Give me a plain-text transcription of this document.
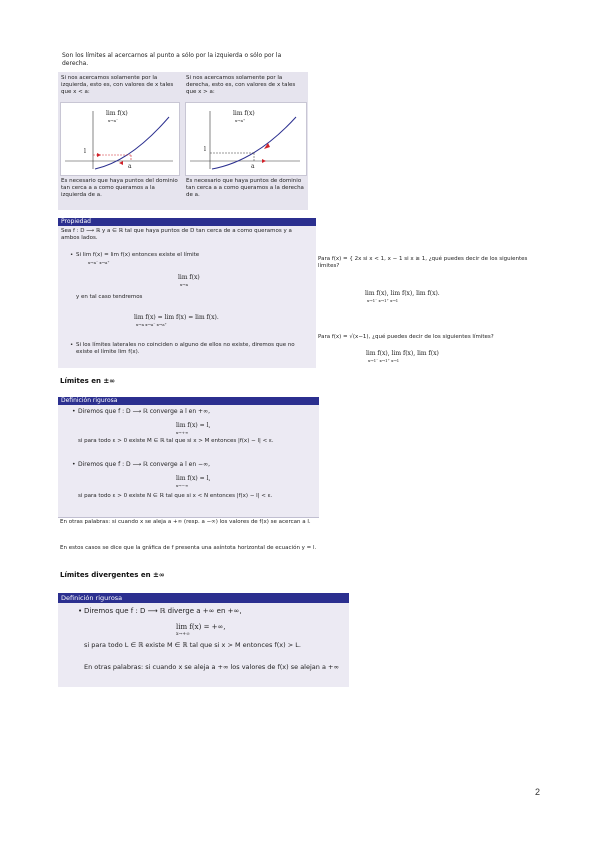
Son los límites al acercarnos al punto a sólo por la izquierda o sólo por la derecha.
Si nos acercamos solamente por la izquierda, esto es, con valores de x tales que x < a:
lim f(x)
x→a⁻
l
a
Es necesario que haya puntos del dominio tan cerca a a como queramos a la izquierda de a.
Si nos acercamos solamente por la derecha, esto es, con valores de x tales que x > a:
lim f(x)
x→a⁺
l
a
Es necesario que haya puntos de dominio tan cerca a a como queramos a la derecha de a.
Propiedad
Sea f : D ⟶ ℝ y a ∈ ℝ tal que haya puntos de D tan cerca de a como queramos y a ambos lados.
• Si lim f(x) = lim f(x) entonces existe el límite
x→a⁻ x→a⁺
lim f(x)
x→a
y en tal caso tendremos
lim f(x) = lim f(x) = lim f(x).
x→a x→a⁻ x→a⁺
• Si los límites laterales no coinciden o alguno de ellos no existe, diremos que no existe el límite lim f(x).
Para f(x) = { 2x si x < 1, x − 1 si x ≥ 1, ¿qué puedes decir de los siguientes límites?
lim f(x), lim f(x), lim f(x).
x→1⁻ x→1⁺ x→1
Para f(x) = √(x−1), ¿qué puedes decir de los siguientes límites?
lim f(x), lim f(x), lim f(x)
x→1⁻ x→1⁺ x→1
Límites en ±∞
Definición rigurosa
• Diremos que f : D ⟶ ℝ converge a l en +∞,
lim f(x) = l,
x→+∞
si para todo ε > 0 existe M ∈ ℝ tal que si x > M entonces |f(x) − l| < ε.
• Diremos que f : D ⟶ ℝ converge a l en −∞,
lim f(x) = l,
x→−∞
si para todo ε > 0 existe N ∈ ℝ tal que si x < N entonces |f(x) − l| < ε.
En otras palabras: si cuando x se aleja a +∞ (resp. a −∞) los valores de f(x) se acercan a l.
En estos casos se dice que la gráfica de f presenta una asíntota horizontal de ecuación y = l.
Límites divergentes en ±∞
Definición rigurosa
• Diremos que f : D ⟶ ℝ diverge a +∞ en +∞,
lim f(x) = +∞,
x→+∞
si para todo L ∈ ℝ existe M ∈ ℝ tal que si x > M entonces f(x) > L.
En otras palabras: si cuando x se aleja a +∞ los valores de f(x) se alejan a +∞
2
